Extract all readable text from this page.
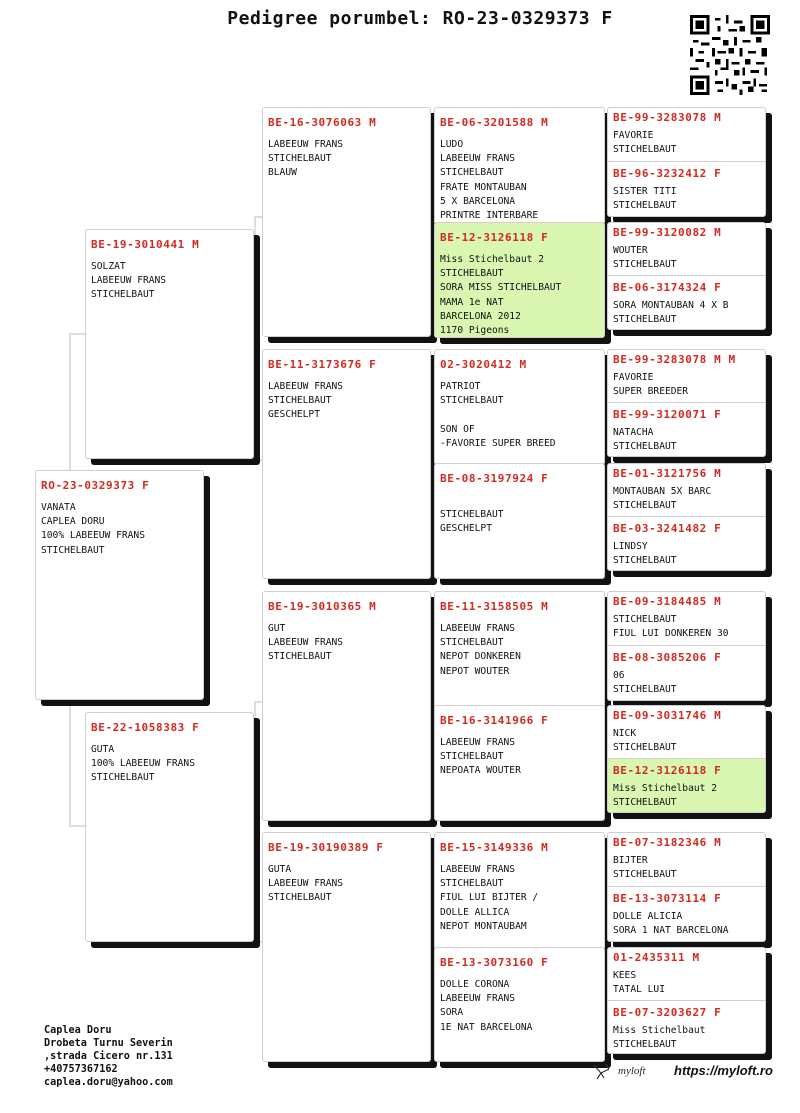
Pedigree porumbel: RO-23-0329373 F
RO-23-0329373 F
VANATA
CAPLEA DORU
100% LABEEUW FRANS
STICHELBAUT
BE-19-3010441 M
SOLZAT
LABEEUW FRANS
STICHELBAUT
BE-22-1058383 F
GUTA
100% LABEEUW FRANS
STICHELBAUT
BE-16-3076063 M
LABEEUW FRANS
STICHELBAUT
BLAUW
BE-11-3173676 F
LABEEUW FRANS
STICHELBAUT
GESCHELPT
BE-19-3010365 M
GUT
LABEEUW FRANS
STICHELBAUT
BE-19-30190389 F
GUTA
LABEEUW FRANS
STICHELBAUT
BE-06-3201588 M
LUDO
LABEEUW FRANS
STICHELBAUT
FRATE MONTAUBAN
5 X BARCELONA
PRINTRE INTERBARE
BE-12-3126118 F
Miss Stichelbaut 2
STICHELBAUT
SORA MISS STICHELBAUT
MAMA 1e NAT
BARCELONA 2012
1170 Pigeons
02-3020412 M
PATRIOT
STICHELBAUT

SON OF
-FAVORIE SUPER BREED
BE-08-3197924 F

STICHELBAUT
GESCHELPT
BE-11-3158505 M
LABEEUW FRANS
STICHELBAUT
NEPOT DONKEREN
NEPOT WOUTER
BE-16-3141966 F
LABEEUW FRANS
STICHELBAUT
NEPOATA WOUTER
BE-15-3149336 M
LABEEUW FRANS
STICHELBAUT
FIUL LUI BIJTER /
DOLLE ALLICA
NEPOT MONTAUBAM
BE-13-3073160 F
DOLLE CORONA
LABEEUW FRANS
SORA
1E NAT BARCELONA
BE-99-3283078 M
FAVORIE
STICHELBAUT
BE-96-3232412 F
SISTER TITI
STICHELBAUT
BE-99-3120082 M
WOUTER
STICHELBAUT
BE-06-3174324 F
SORA MONTAUBAN 4 X B
STICHELBAUT
BE-99-3283078 M M
FAVORIE
SUPER BREEDER
BE-99-3120071 F
NATACHA
STICHELBAUT
BE-01-3121756 M
MONTAUBAN 5X BARC
STICHELBAUT
BE-03-3241482 F
LINDSY
STICHELBAUT
BE-09-3184485 M
STICHELBAUT
FIUL LUI DONKEREN 30
BE-08-3085206 F
06
STICHELBAUT
BE-09-3031746 M
NICK
STICHELBAUT
BE-12-3126118 F
Miss Stichelbaut 2
STICHELBAUT
BE-07-3182346 M
BIJTER
STICHELBAUT
BE-13-3073114 F
DOLLE ALICIA
SORA 1 NAT BARCELONA
01-2435311 M
KEES
TATAL LUI
BE-07-3203627 F
Miss Stichelbaut
STICHELBAUT
Caplea Doru
Drobeta Turnu Severin
,strada Cicero nr.131
+40757367162
caplea.doru@yahoo.com
myloft https://myloft.ro
